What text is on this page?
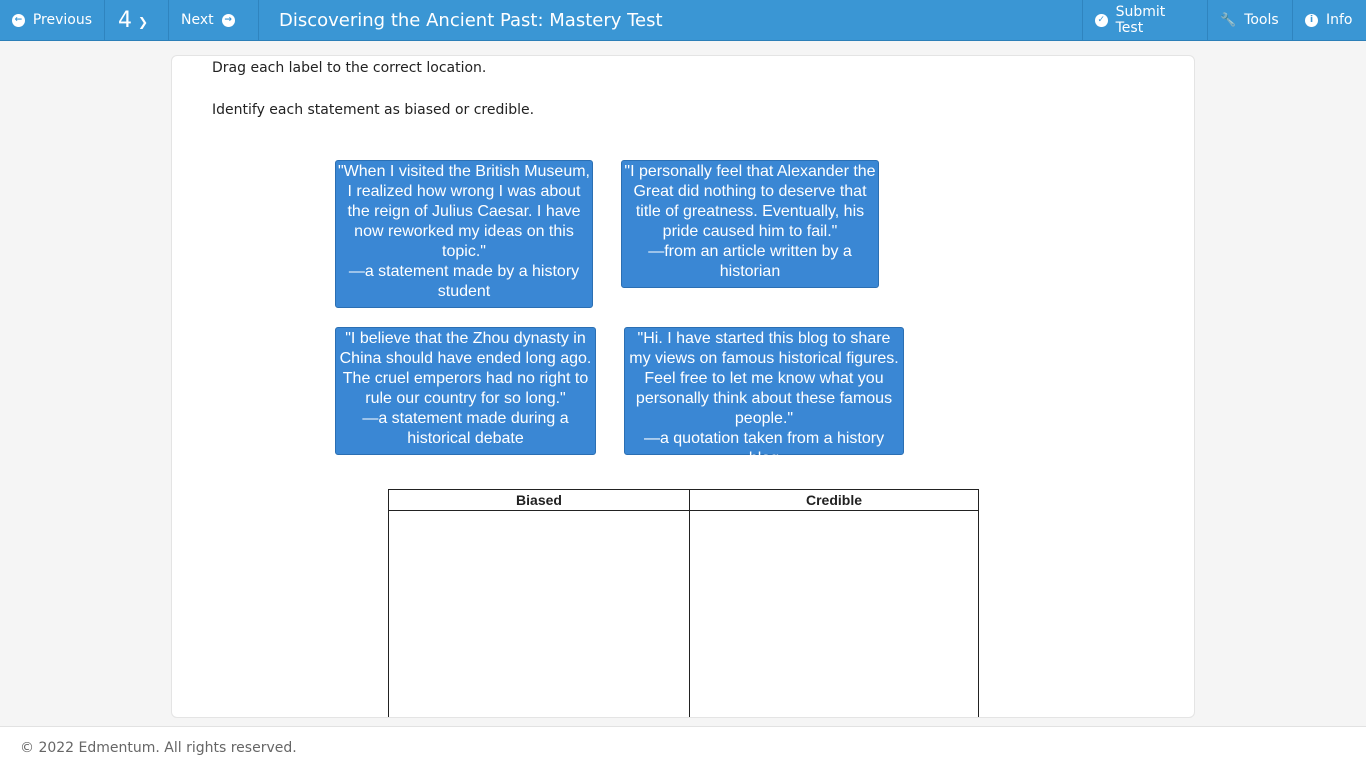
← Previous 4 ❯ Next	→	Discovering the Ancient Past: Mastery Test	✓ Submit Test	🔧 Tools	i Info
Drag each label to the correct location.
Identify each statement as biased or credible.
"When I visited the British Museum, I realized how wrong I was about the reign of Julius Caesar. I have now reworked my ideas on this topic."
—a statement made by a history student
"I personally feel that Alexander the Great did nothing to deserve that title of greatness. Eventually, his pride caused him to fail."
—from an article written by a historian
"I believe that the Zhou dynasty in China should have ended long ago. The cruel emperors had no right to rule our country for so long."
—a statement made during a historical debate
"Hi. I have started this blog to share my views on famous historical figures. Feel free to let me know what you personally think about these famous people."
—a quotation taken from a history blog
Biased	Credible
© 2022 Edmentum. All rights reserved.
